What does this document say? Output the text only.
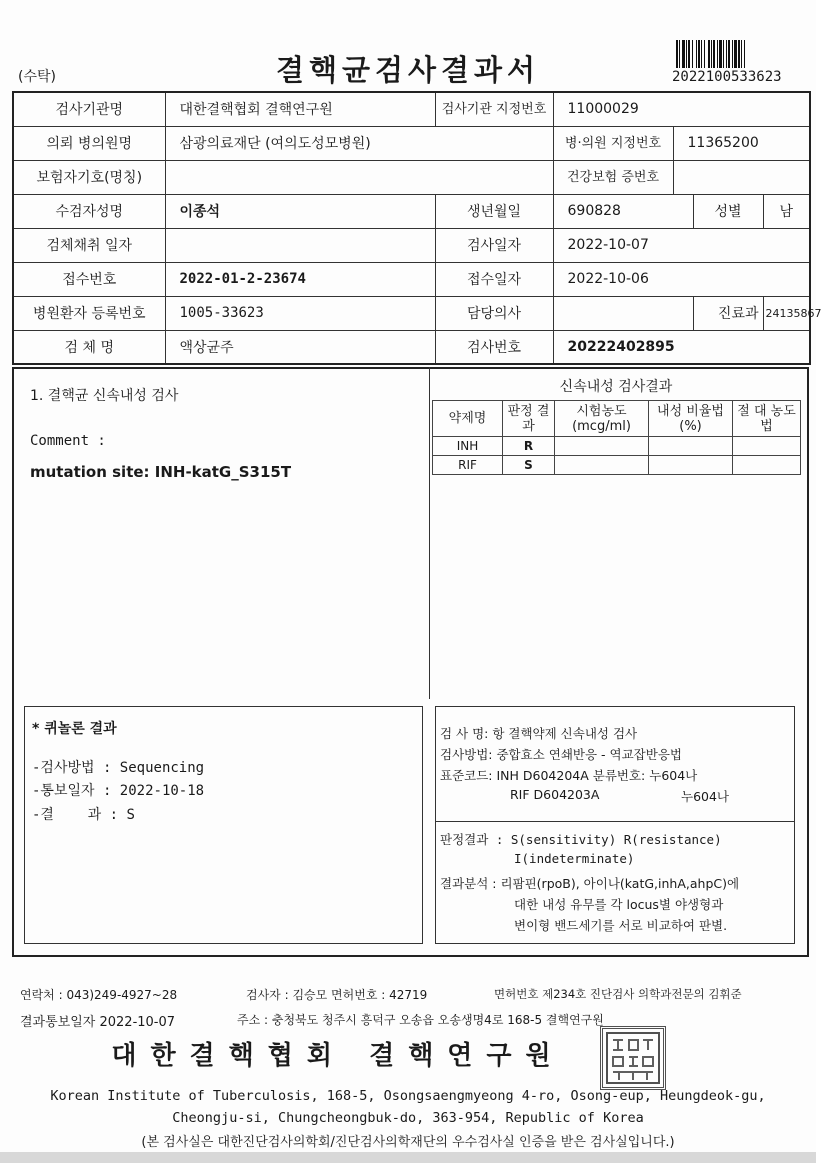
(수탁)	결핵균검사결과서	2022100533623
검사기관명	대한결핵협회 결핵연구원	검사기관 지정번호	11000029			
의뢰 병의원명	삼광의료재단 (여의도성모병원)		병·의원 지정번호	11365200		
보험자기호(명칭)			건강보험 증번호			
수검자성명	이종석	생년월일	690828		성별	남
검체채취 일자		검사일자	2022-10-07			
접수번호	2022-01-2-23674	접수일자	2022-10-06			
병원환자 등록번호	1005-33623	담당의사			진료과	24135867
검 체 명	액상균주	검사번호	20222402895			
1. 결핵균 신속내성 검사
Comment :
mutation site: INH-katG_S315T
신속내성 검사결과
약제명	판정 결과	시험농도 (mcg/ml)	내성 비율법(%)	절 대 농도법
INH	R			
RIF	S			
* 퀴놀론 결과
-검사방법 : Sequencing
-통보일자 : 2022-10-18
-결    과 : S
검 사 명: 항 결핵약제 신속내성 검사
검사방법: 중합효소 연쇄반응 - 역교잡반응법
표준코드: INH D604204A 분류번호: 누604나
RIF D604203A	누604나
판정결과 : S(sensitivity) R(resistance)
I(indeterminate)
결과분석 : 리팜핀(rpoB), 아이나(katG,inhA,ahpC)에
대한 내성 유무를 각 locus별 야생형과
변이형 밴드세기를 서로 비교하여 판별.
연락처 : 043)249-4927~28	검사자 : 김승모 면허번호 : 42719	면허번호 제234호 진단검사 의학과전문의 김휘준
결과통보일자 2022-10-07	주소 : 충청북도 청주시 흥덕구 오송읍 오송생명4로 168-5 결핵연구원
대한결핵협회 결핵연구원
Korean Institute of Tuberculosis, 168-5, Osongsaengmyeong 4-ro, Osong-eup, Heungdeok-gu,
Cheongju-si, Chungcheongbuk-do, 363-954, Republic of Korea
(본 검사실은 대한진단검사의학회/진단검사의학재단의 우수검사실 인증을 받은 검사실입니다.)
